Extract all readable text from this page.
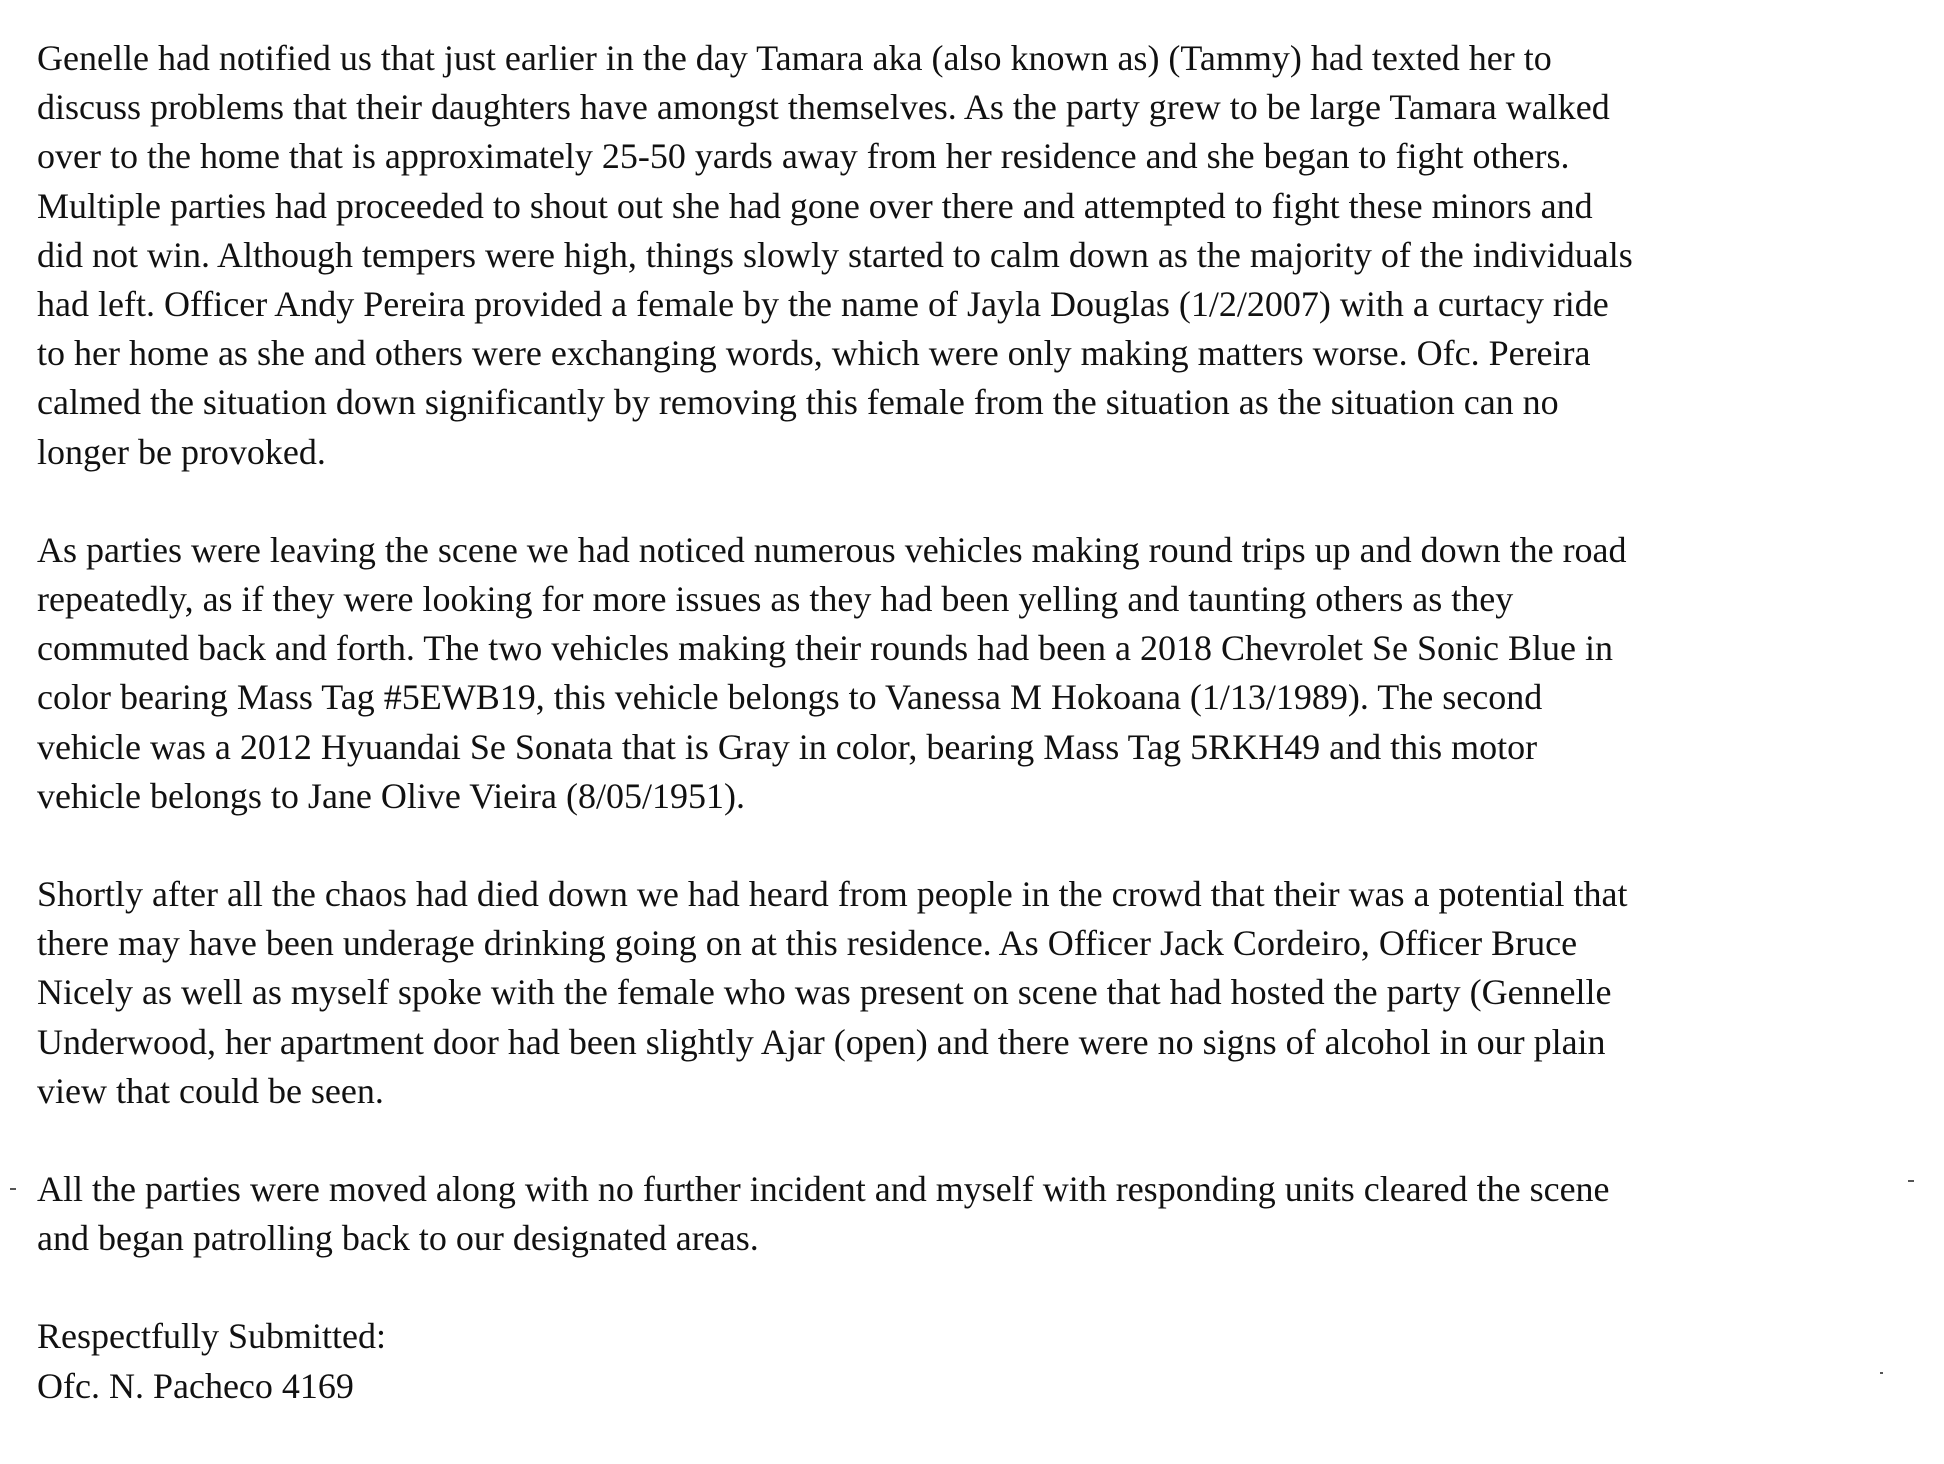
Genelle had notified us that just earlier in the day Tamara aka (also known as) (Tammy) had texted her to
discuss problems that their daughters have amongst themselves. As the party grew to be large Tamara walked
over to the home that is approximately 25-50 yards away from her residence and she began to fight others.
Multiple parties had proceeded to shout out she had gone over there and attempted to fight these minors and
did not win. Although tempers were high, things slowly started to calm down as the majority of the individuals
had left. Officer Andy Pereira provided a female by the name of Jayla Douglas (1/2/2007) with a curtacy ride
to her home as she and others were exchanging words, which were only making matters worse. Ofc. Pereira
calmed the situation down significantly by removing this female from the situation as the situation can no
longer be provoked.
As parties were leaving the scene we had noticed numerous vehicles making round trips up and down the road
repeatedly, as if they were looking for more issues as they had been yelling and taunting others as they
commuted back and forth. The two vehicles making their rounds had been a 2018 Chevrolet Se Sonic Blue in
color bearing Mass Tag #5EWB19, this vehicle belongs to Vanessa M Hokoana (1/13/1989). The second
vehicle was a 2012 Hyuandai Se Sonata that is Gray in color, bearing Mass Tag 5RKH49 and this motor
vehicle belongs to Jane Olive Vieira (8/05/1951).
Shortly after all the chaos had died down we had heard from people in the crowd that their was a potential that
there may have been underage drinking going on at this residence. As Officer Jack Cordeiro, Officer Bruce
Nicely as well as myself spoke with the female who was present on scene that had hosted the party (Gennelle
Underwood, her apartment door had been slightly Ajar (open) and there were no signs of alcohol in our plain
view that could be seen.
All the parties were moved along with no further incident and myself with responding units cleared the scene
and began patrolling back to our designated areas.
Respectfully Submitted:
Ofc. N. Pacheco 4169
